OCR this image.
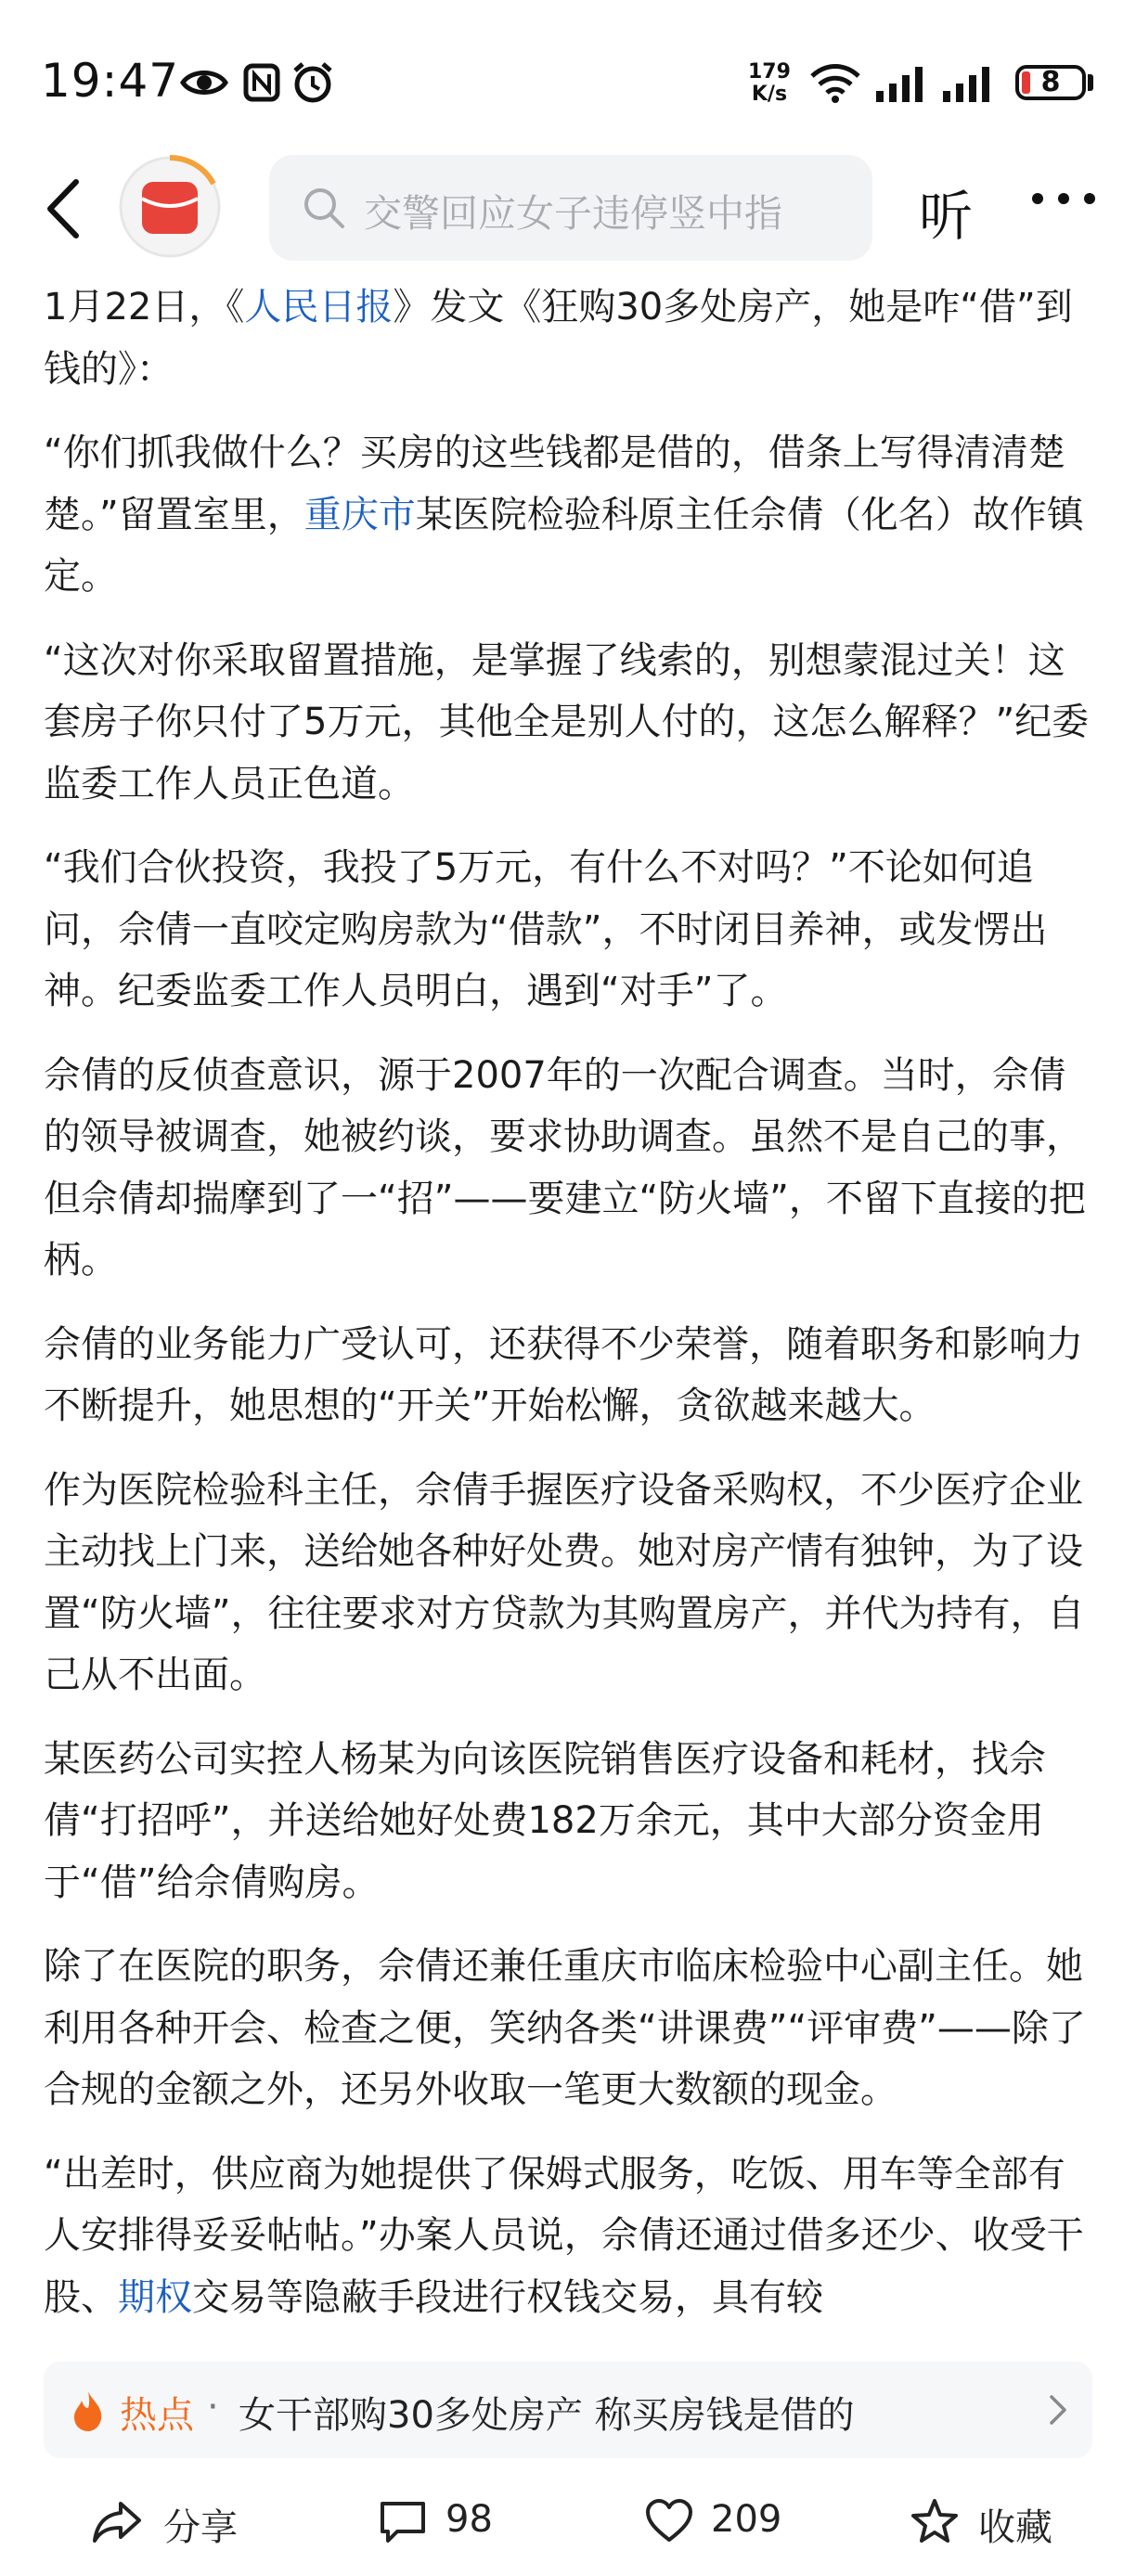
19:47	179
K/s	8
交警回应女子违停竖中指	听

1月22日，《人民日报》发文《狂购30多处房产，她是咋“借”到钱的》：

“你们抓我做什么？买房的这些钱都是借的，借条上写得清清楚楚。”留置室里，重庆市某医院检验科原主任佘倩（化名）故作镇定。

“这次对你采取留置措施，是掌握了线索的，别想蒙混过关！这套房子你只付了5万元，其他全是别人付的，这怎么解释？”纪委监委工作人员正色道。

“我们合伙投资，我投了5万元，有什么不对吗？”不论如何追问，佘倩一直咬定购房款为“借款”，不时闭目养神，或发愣出神。纪委监委工作人员明白，遇到“对手”了。

佘倩的反侦查意识，源于2007年的一次配合调查。当时，佘倩的领导被调查，她被约谈，要求协助调查。虽然不是自己的事，但佘倩却揣摩到了一“招”——要建立“防火墙”，不留下直接的把柄。

佘倩的业务能力广受认可，还获得不少荣誉，随着职务和影响力不断提升，她思想的“开关”开始松懈，贪欲越来越大。

作为医院检验科主任，佘倩手握医疗设备采购权，不少医疗企业主动找上门来，送给她各种好处费。她对房产情有独钟，为了设置“防火墙”，往往要求对方贷款为其购置房产，并代为持有，自己从不出面。

某医药公司实控人杨某为向该医院销售医疗设备和耗材，找佘倩“打招呼”，并送给她好处费182万余元，其中大部分资金用于“借”给佘倩购房。

除了在医院的职务，佘倩还兼任重庆市临床检验中心副主任。她利用各种开会、检查之便，笑纳各类“讲课费”“评审费”——除了合规的金额之外，还另外收取一笔更大数额的现金。

“出差时，供应商为她提供了保姆式服务，吃饭、用车等全部有人安排得妥妥帖帖。”办案人员说，佘倩还通过借多还少、收受干股、期权交易等隐蔽手段进行权钱交易，具有较

热点 · 女干部购30多处房产 称买房钱是借的
分享	98	209	收藏
